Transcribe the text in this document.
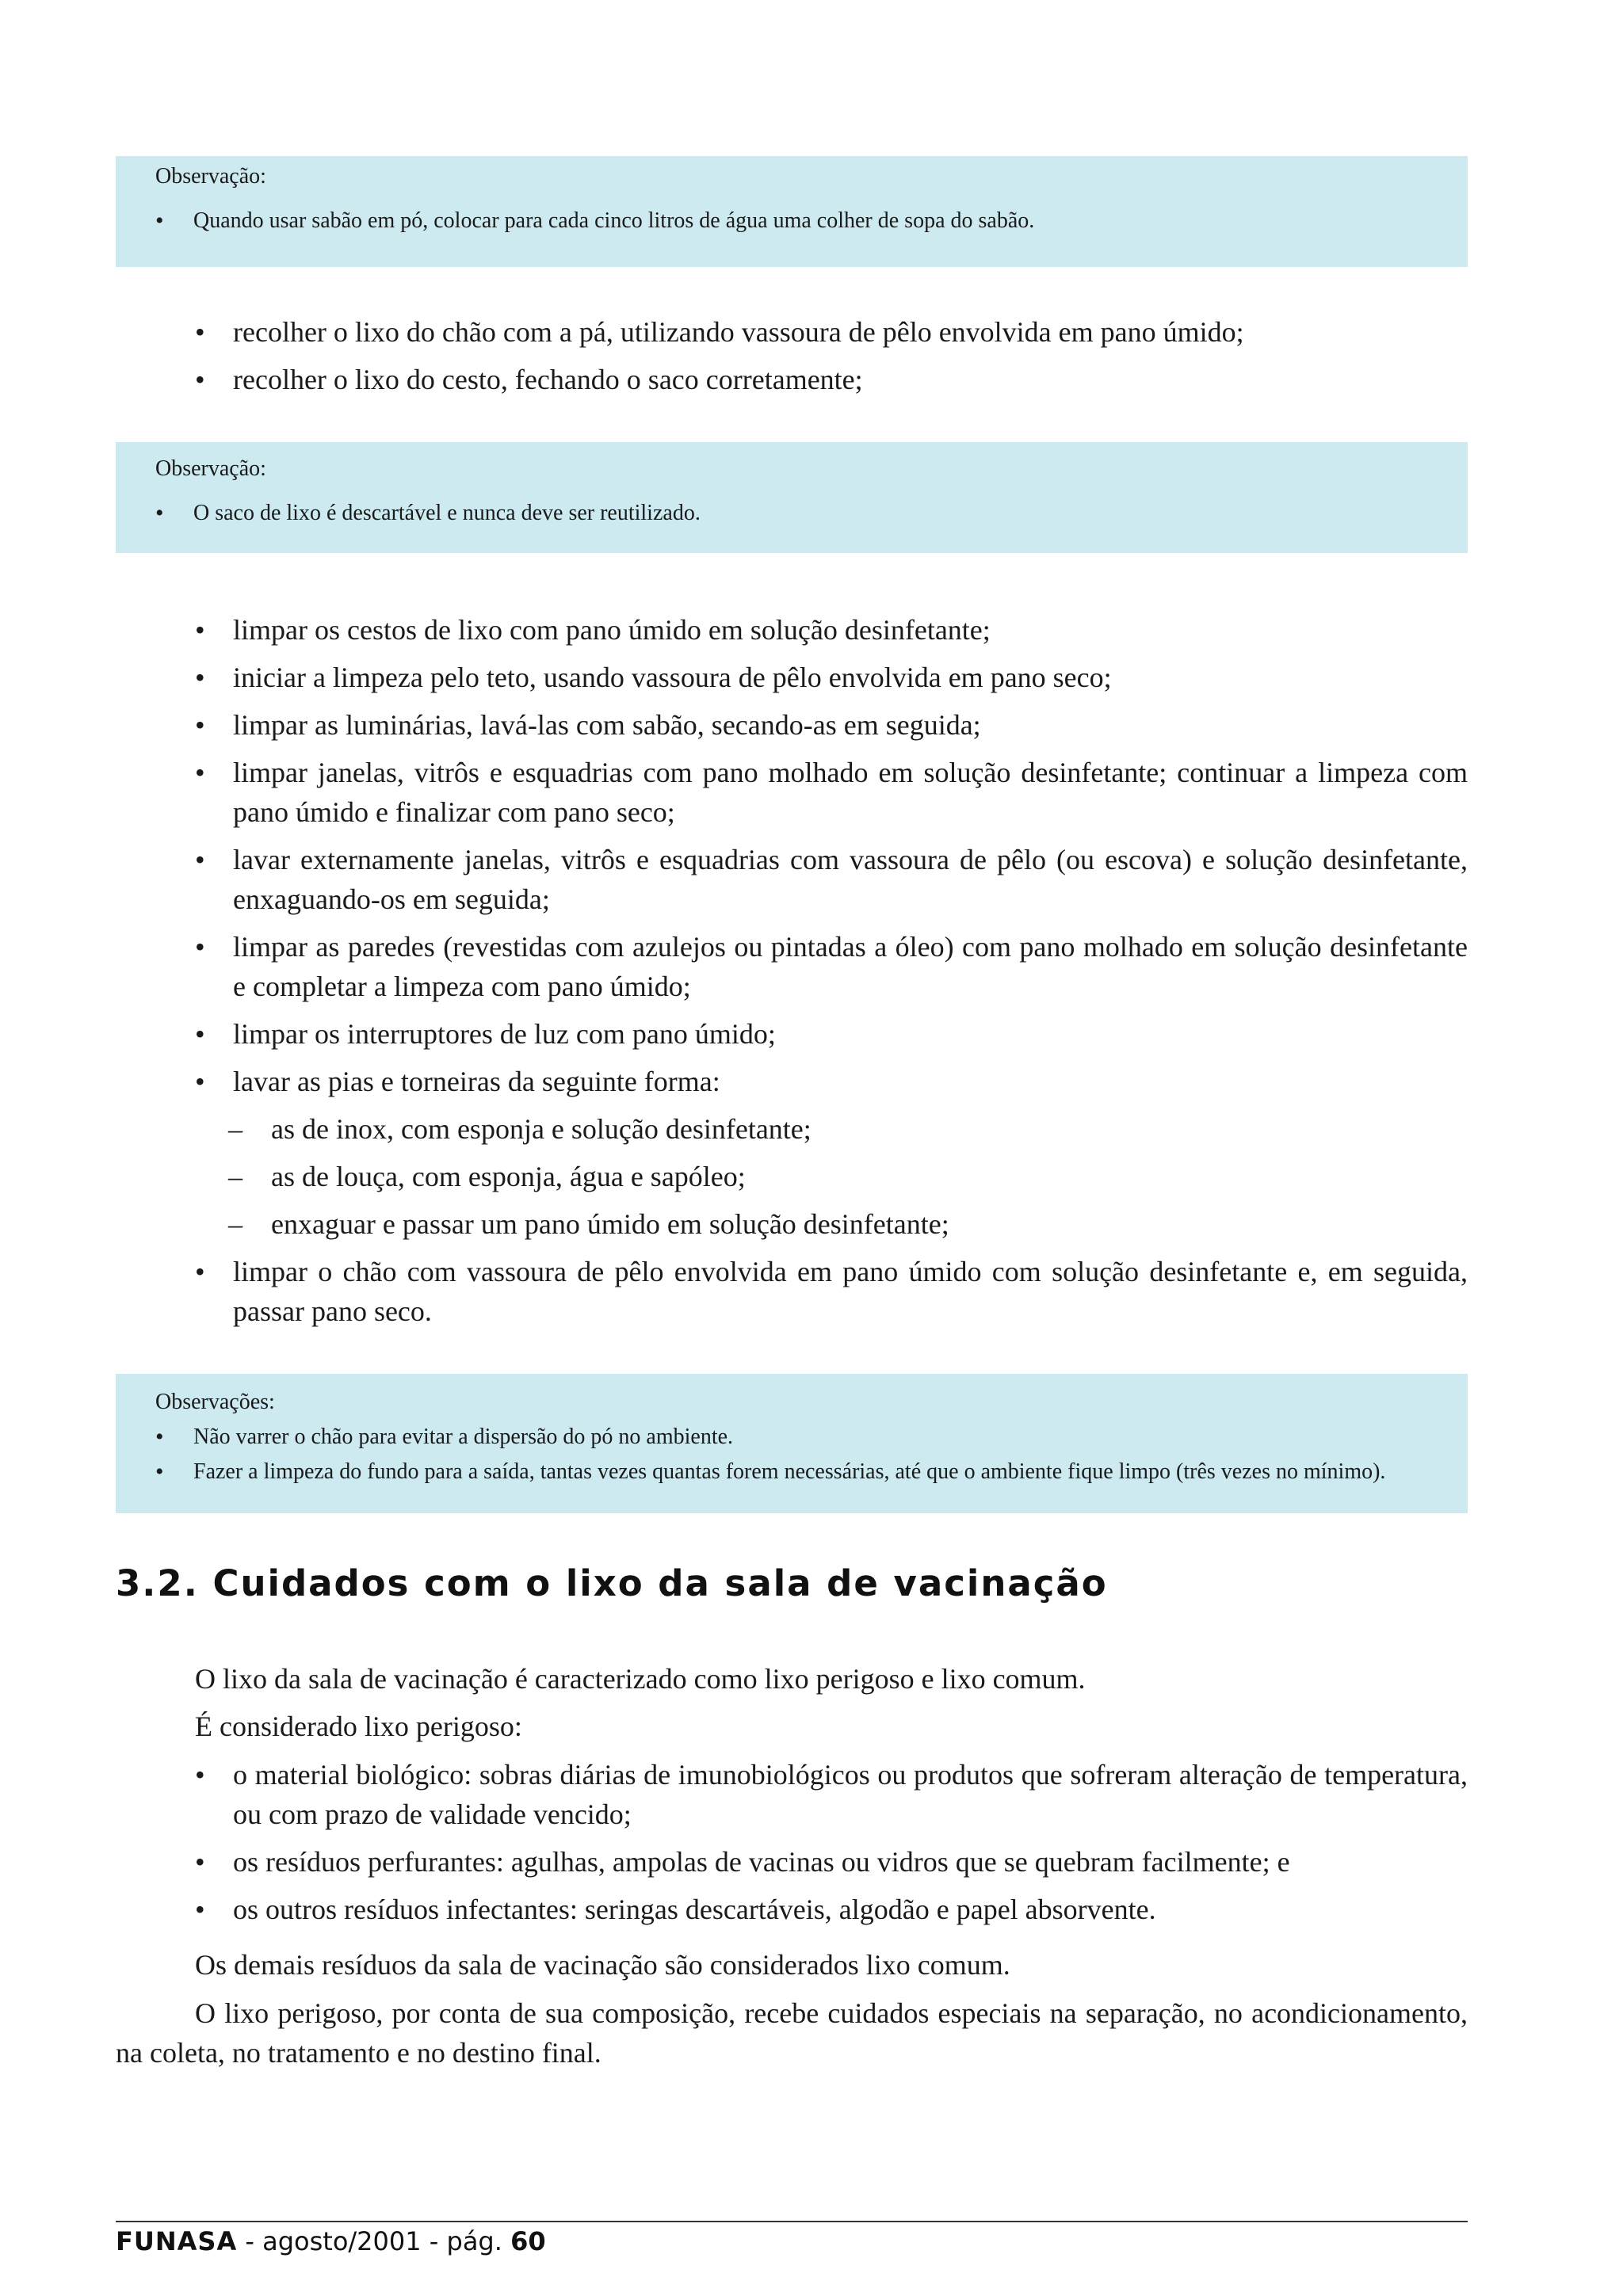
Observação:
• Quando usar sabão em pó, colocar para cada cinco litros de água uma colher de sopa do sabão.
• recolher o lixo do chão com a pá, utilizando vassoura de pêlo envolvida em pano úmido;
• recolher o lixo do cesto, fechando o saco corretamente;
Observação:
• O saco de lixo é descartável e nunca deve ser reutilizado.
• limpar os cestos de lixo com pano úmido em solução desinfetante;
• iniciar a limpeza pelo teto, usando vassoura de pêlo envolvida em pano seco;
• limpar as luminárias, lavá-las com sabão, secando-as em seguida;
• limpar janelas, vitrôs e esquadrias com pano molhado em solução desinfetante; continuar a limpeza com pano úmido e finalizar com pano seco;
• lavar externamente janelas, vitrôs e esquadrias com vassoura de pêlo (ou escova) e solução desinfetante, enxaguando-os em seguida;
• limpar as paredes (revestidas com azulejos ou pintadas a óleo) com pano molhado em solução desinfetante e completar a limpeza com pano úmido;
• limpar os interruptores de luz com pano úmido;
• lavar as pias e torneiras da seguinte forma:
– as de inox, com esponja e solução desinfetante;
– as de louça, com esponja, água e sapóleo;
– enxaguar e passar um pano úmido em solução desinfetante;
• limpar o chão com vassoura de pêlo envolvida em pano úmido com solução desinfetante e, em seguida, passar pano seco.
Observações:
• Não varrer o chão para evitar a dispersão do pó no ambiente.
• Fazer a limpeza do fundo para a saída, tantas vezes quantas forem necessárias, até que o ambiente fique limpo (três vezes no mínimo).
3.2. Cuidados com o lixo da sala de vacinação
O lixo da sala de vacinação é caracterizado como lixo perigoso e lixo comum.
É considerado lixo perigoso:
• o material biológico: sobras diárias de imunobiológicos ou produtos que sofreram alteração de temperatura, ou com prazo de validade vencido;
• os resíduos perfurantes: agulhas, ampolas de vacinas ou vidros que se quebram facilmente; e
• os outros resíduos infectantes: seringas descartáveis, algodão e papel absorvente.
Os demais resíduos da sala de vacinação são considerados lixo comum.
O lixo perigoso, por conta de sua composição, recebe cuidados especiais na separação, no acondicionamento, na coleta, no tratamento e no destino final.
FUNASA - agosto/2001 - pág. 60
